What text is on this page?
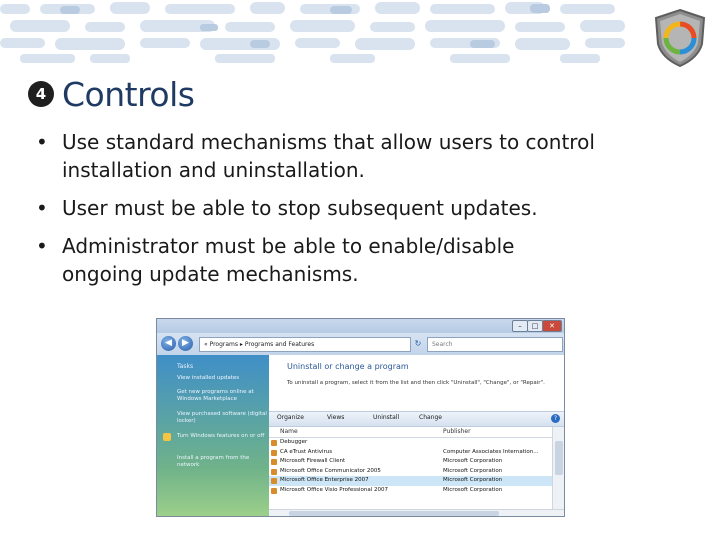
4 Controls
• Use standard mechanisms that allow users to control installation and uninstallation.
• User must be able to stop subsequent updates.
• Administrator must be able to enable/disable ongoing update mechanisms.
–	□	✕
◀	▶	« Programs ▸ Programs and Features	↻	Search
Tasks
View installed updates
Get new programs online at Windows Marketplace
View purchased software (digital locker)
Turn Windows features on or off
Install a program from the network
Uninstall or change a program
To uninstall a program, select it from the list and then click "Uninstall", "Change", or "Repair".
Organize	Views	Uninstall	Change	?
Name	Publisher
Debugger
CA eTrust Antivirus	Computer Associates Internation...
Microsoft Firewall Client	Microsoft Corporation
Microsoft Office Communicator 2005	Microsoft Corporation
Microsoft Office Enterprise 2007	Microsoft Corporation
Microsoft Office Visio Professional 2007	Microsoft Corporation
